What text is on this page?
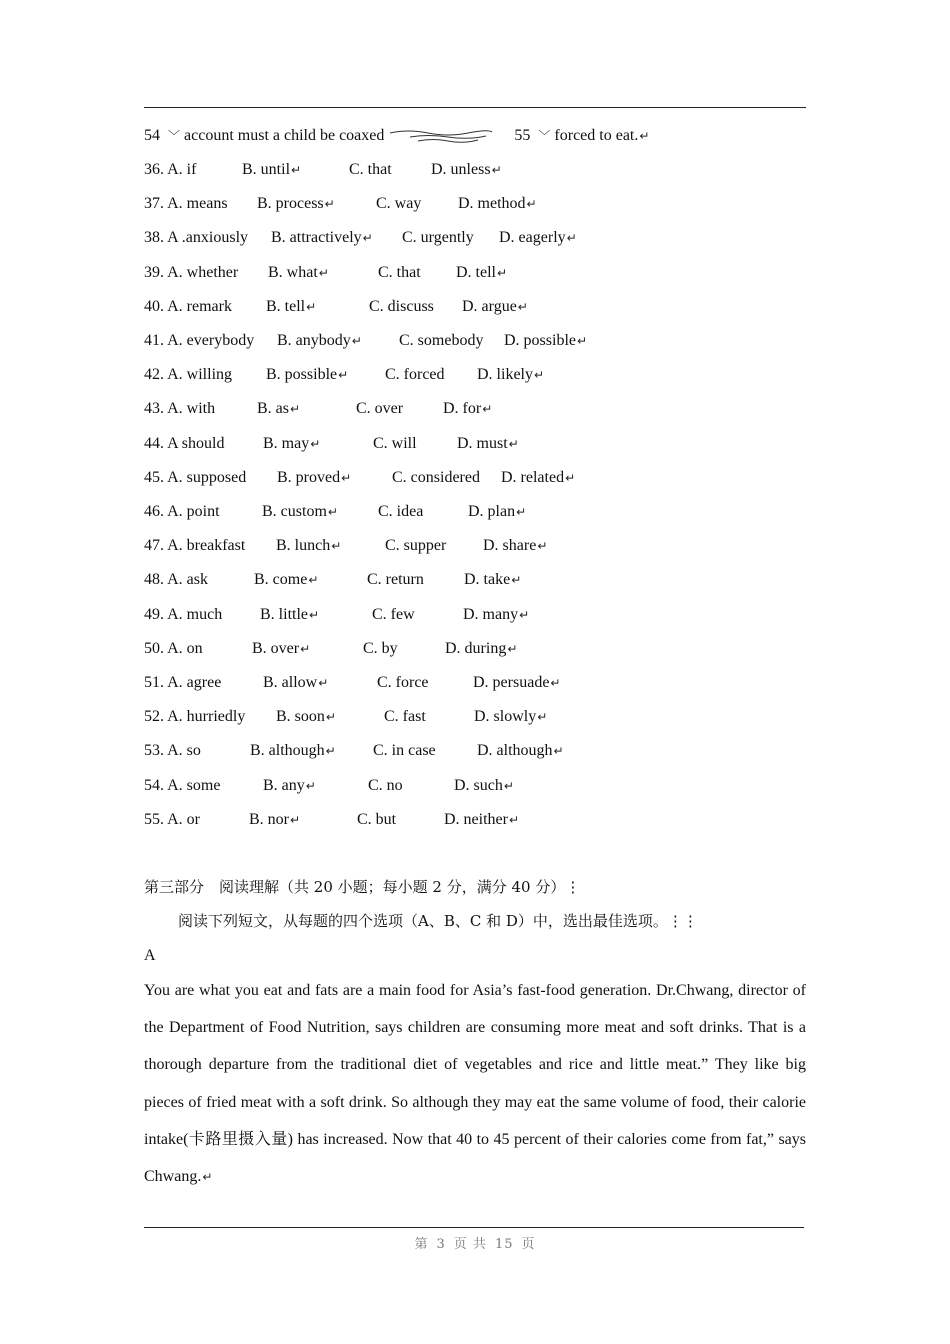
54 ﹀ account must a child be coaxed	55 ﹀ forced to eat.↵
36. A. if	B. until↵	C. that D. unless↵
37. A. means B. process↵	C. way D. method↵
38. A .anxiously B. attractively↵ C. urgently D. eagerly↵
39. A. whether B. what↵	C. that D. tell↵
40. A. remark B. tell↵	C. discuss D. argue↵
41. A. everybody B. anybody↵ C. somebody D. possible↵
42. A. willing B. possible↵ C. forced D. likely↵
43. A. with	B. as↵	C. over D. for↵
44. A should B. may↵	C. will	D. must↵
45. A. supposed B. proved↵	C. considered D. related↵
46. A. point	B. custom↵	C. idea	D. plan↵
47. A. breakfast B. lunch↵	C. supper D. share↵
48. A. ask	B. come↵	C. return	D. take↵
49. A. much B. little↵	C. few	D. many↵
50. A. on	B. over↵	C. by	D. during↵
51. A. agree	B. allow↵	C. force	D. persuade↵
52. A. hurriedly B. soon↵	C. fast	D. slowly↵
53. A. so	B. although↵ C. in case	D. although↵
54. A. some	B. any↵	C. no	D. such↵
55. A. or	B. nor↵	C. but	D. neither↵
第三部分　阅读理解（共 20 小题；每小题 2 分，满分 40 分）⋮
阅读下列短文，从每题的四个选项（A、B、C 和 D）中，选出最佳选项。⋮⋮
A
You are what you eat and fats are a main food for Asia’s fast-food generation. Dr.Chwang, director of the Department of Food Nutrition, says children are consuming more meat and soft drinks. That is a thorough departure from the traditional diet of vegetables and rice and little meat.” They like big pieces of fried meat with a soft drink. So although they may eat the same volume of food, their calorie intake(卡路里摄入量) has increased. Now that 40 to 45 percent of their calories come from fat,” says Chwang.↵
第 3 页 共 15 页
